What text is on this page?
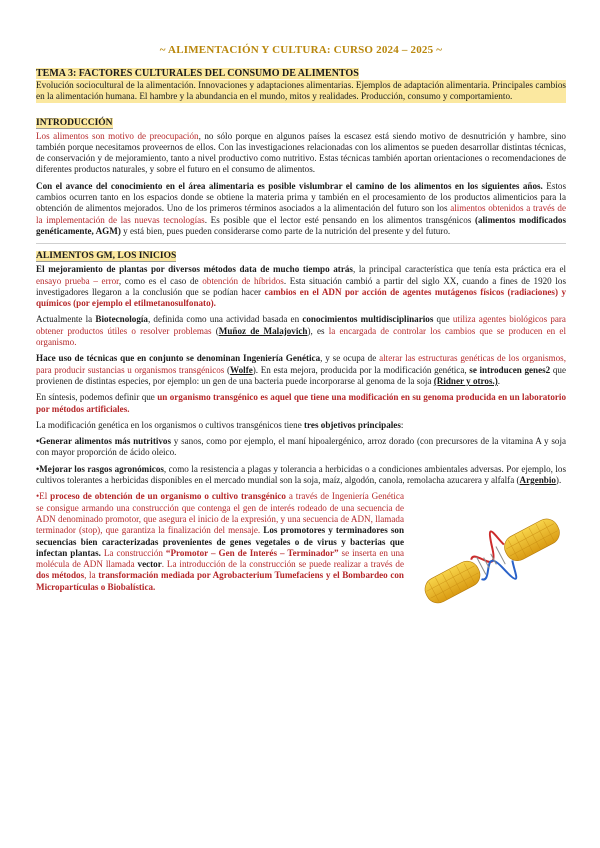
~ ALIMENTACIÓN Y CULTURA: CURSO 2024 – 2025 ~
TEMA 3: FACTORES CULTURALES DEL CONSUMO DE ALIMENTOS
Evolución sociocultural de la alimentación. Innovaciones y adaptaciones alimentarias. Ejemplos de adaptación alimentaria. Principales cambios en la alimentación humana. El hambre y la abundancia en el mundo, mitos y realidades. Producción, consumo y comportamiento.
INTRODUCCIÓN

Los alimentos son motivo de preocupación, no sólo porque en algunos países la escasez está siendo motivo de desnutrición y hambre, sino también porque necesitamos proveernos de ellos. Con las investigaciones relacionadas con los alimentos se pueden desarrollar distintas técnicas, de conservación y de mejoramiento, tanto a nivel productivo como nutritivo. Estas técnicas también aportan orientaciones o recomendaciones de diferentes productos naturales, y sobre el futuro en el consumo de alimentos.

Con el avance del conocimiento en el área alimentaria es posible vislumbrar el camino de los alimentos en los siguientes años. Estos cambios ocurren tanto en los espacios donde se obtiene la materia prima y también en el procesamiento de los productos alimenticios para la obtención de alimentos mejorados. Uno de los primeros términos asociados a la alimentación del futuro son los alimentos obtenidos a través de la implementación de las nuevas tecnologías. Es posible que el lector esté pensando en los alimentos transgénicos (alimentos modificados genéticamente, AGM) y está bien, pues pueden considerarse como parte de la nutrición del presente y del futuro.

ALIMENTOS GM, LOS INICIOS

El mejoramiento de plantas por diversos métodos data de mucho tiempo atrás, la principal característica que tenía esta práctica era el ensayo prueba – error, como es el caso de obtención de híbridos. Esta situación cambió a partir del siglo XX, cuando a fines de 1920 los investigadores llegaron a la conclusión que se podían hacer cambios en el ADN por acción de agentes mutágenos físicos (radiaciones) y químicos (por ejemplo el etilmetanosulfonato).

Actualmente la Biotecnología, definida como una actividad basada en conocimientos multidisciplinarios que utiliza agentes biológicos para obtener productos útiles o resolver problemas (Muñoz de Malajovich), es la encargada de controlar los cambios que se producen en el organismo.

Hace uso de técnicas que en conjunto se denominan Ingeniería Genética, y se ocupa de alterar las estructuras genéticas de los organismos, para producir sustancias u organismos transgénicos (Wolfe). En esta mejora, producida por la modificación genética, se introducen genes2 que provienen de distintas especies, por ejemplo: un gen de una bacteria puede incorporarse al genoma de la soja (Ridner y otros.).

En síntesis, podemos definir que un organismo transgénico es aquel que tiene una modificación en su genoma producida en un laboratorio por métodos artificiales.

La modificación genética en los organismos o cultivos transgénicos tiene tres objetivos principales:

•Generar alimentos más nutritivos y sanos, como por ejemplo, el maní hipoalergénico, arroz dorado (con precursores de la vitamina A y soja con mayor proporción de ácido oleico.

•Mejorar los rasgos agronómicos, como la resistencia a plagas y tolerancia a herbicidas o a condiciones ambientales adversas. Por ejemplo, los cultivos tolerantes a herbicidas disponibles en el mercado mundial son la soja, maíz, algodón, canola, remolacha azucarera y alfalfa (Argenbio).

•El proceso de obtención de un organismo o cultivo transgénico a través de Ingeniería Genética se consigue armando una construcción que contenga el gen de interés rodeado de una secuencia de ADN denominado promotor, que asegura el inicio de la expresión, y una secuencia de ADN, llamada terminador (stop), que garantiza la finalización del mensaje. Los promotores y terminadores son secuencias bien caracterizadas provenientes de genes vegetales o de virus y bacterias que infectan plantas. La construcción “Promotor – Gen de Interés – Terminador” se inserta en una molécula de ADN llamada vector. La introducción de la construcción se puede realizar a través de dos métodos, la transformación mediada por Agrobacterium Tumefaciens y el Bombardeo con Micropartículas o Biobalística.
